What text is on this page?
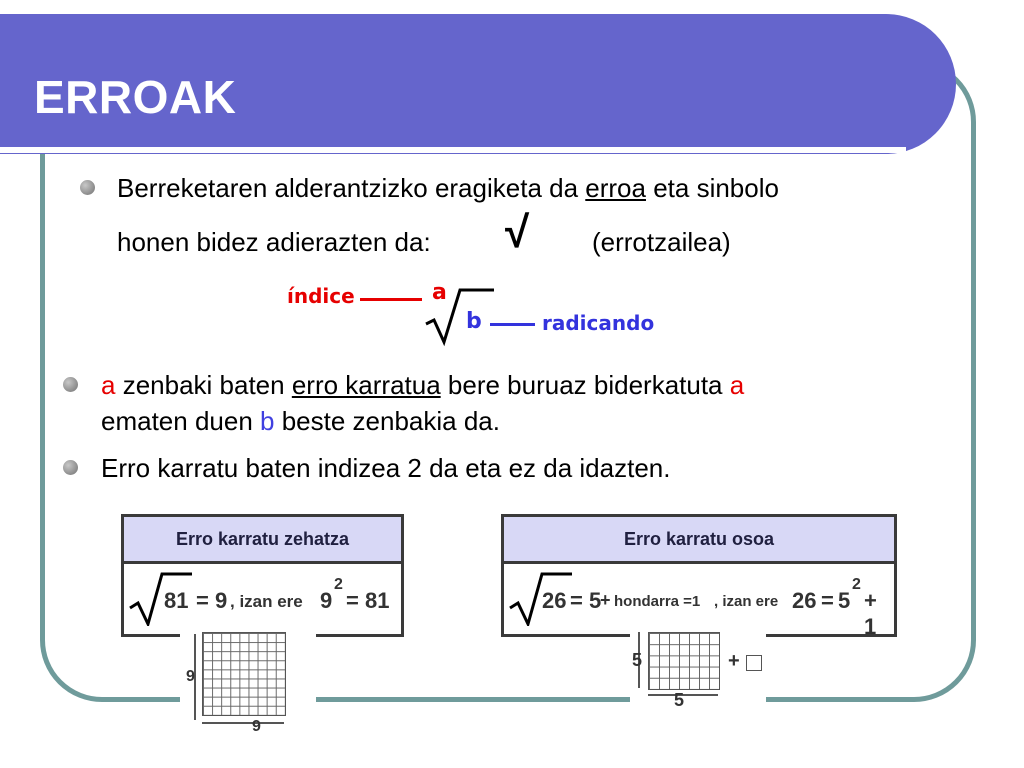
ERROAK
Berreketaren alderantzizko eragiketa da erroa eta sinbolo
honen bidez adierazten da: √ (errotzailea)
índice	a
b	radicando
a zenbaki baten erro karratua bere buruaz biderkatuta a
ematen duen b beste zenbakia da.
Erro karratu baten indizea 2 da eta ez da idazten.
Erro karratu zehatza
81 = 9 , izan ere 9
2
= 81
9
9
Erro karratu osoa
26 = 5
+ hondarra =1 , izan ere 26 = 5
2
+ 1
5
5
+
